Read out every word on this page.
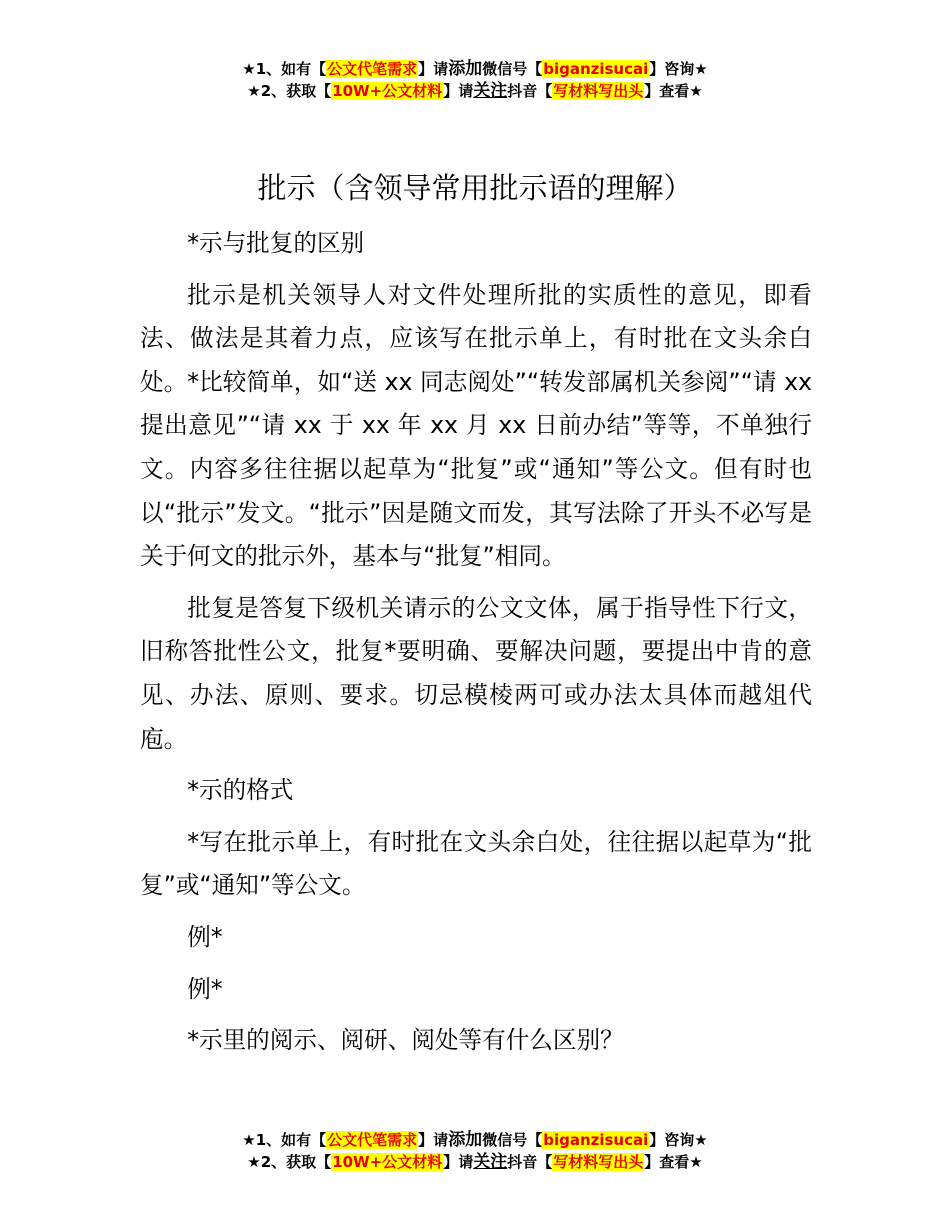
★1、如有【公文代笔需求】请添加微信号【biganzisucai】咨询★
★2、获取【10W+公文材料】请关注抖音【写材料写出头】查看★
批示（含领导常用批示语的理解）

*示与批复的区别

批示是机关领导人对文件处理所批的实质性的意见，即看法、做法是其着力点，应该写在批示单上，有时批在文头余白处。*比较简单，如“送 xx 同志阅处”“转发部属机关参阅”“请 xx 提出意见”“请 xx 于 xx 年 xx 月 xx 日前办结”等等，不单独行文。内容多往往据以起草为“批复”或“通知”等公文。但有时也以“批示”发文。“批示”因是随文而发，其写法除了开头不必写是关于何文的批示外，基本与“批复”相同。

批复是答复下级机关请示的公文文体，属于指导性下行文，旧称答批性公文，批复*要明确、要解决问题，要提出中肯的意见、办法、原则、要求。切忌模棱两可或办法太具体而越俎代庖。

*示的格式

*写在批示单上，有时批在文头余白处，往往据以起草为“批复”或“通知”等公文。

例*

例*

*示里的阅示、阅研、阅处等有什么区别？

★1、如有【公文代笔需求】请添加微信号【biganzisucai】咨询★
★2、获取【10W+公文材料】请关注抖音【写材料写出头】查看★
